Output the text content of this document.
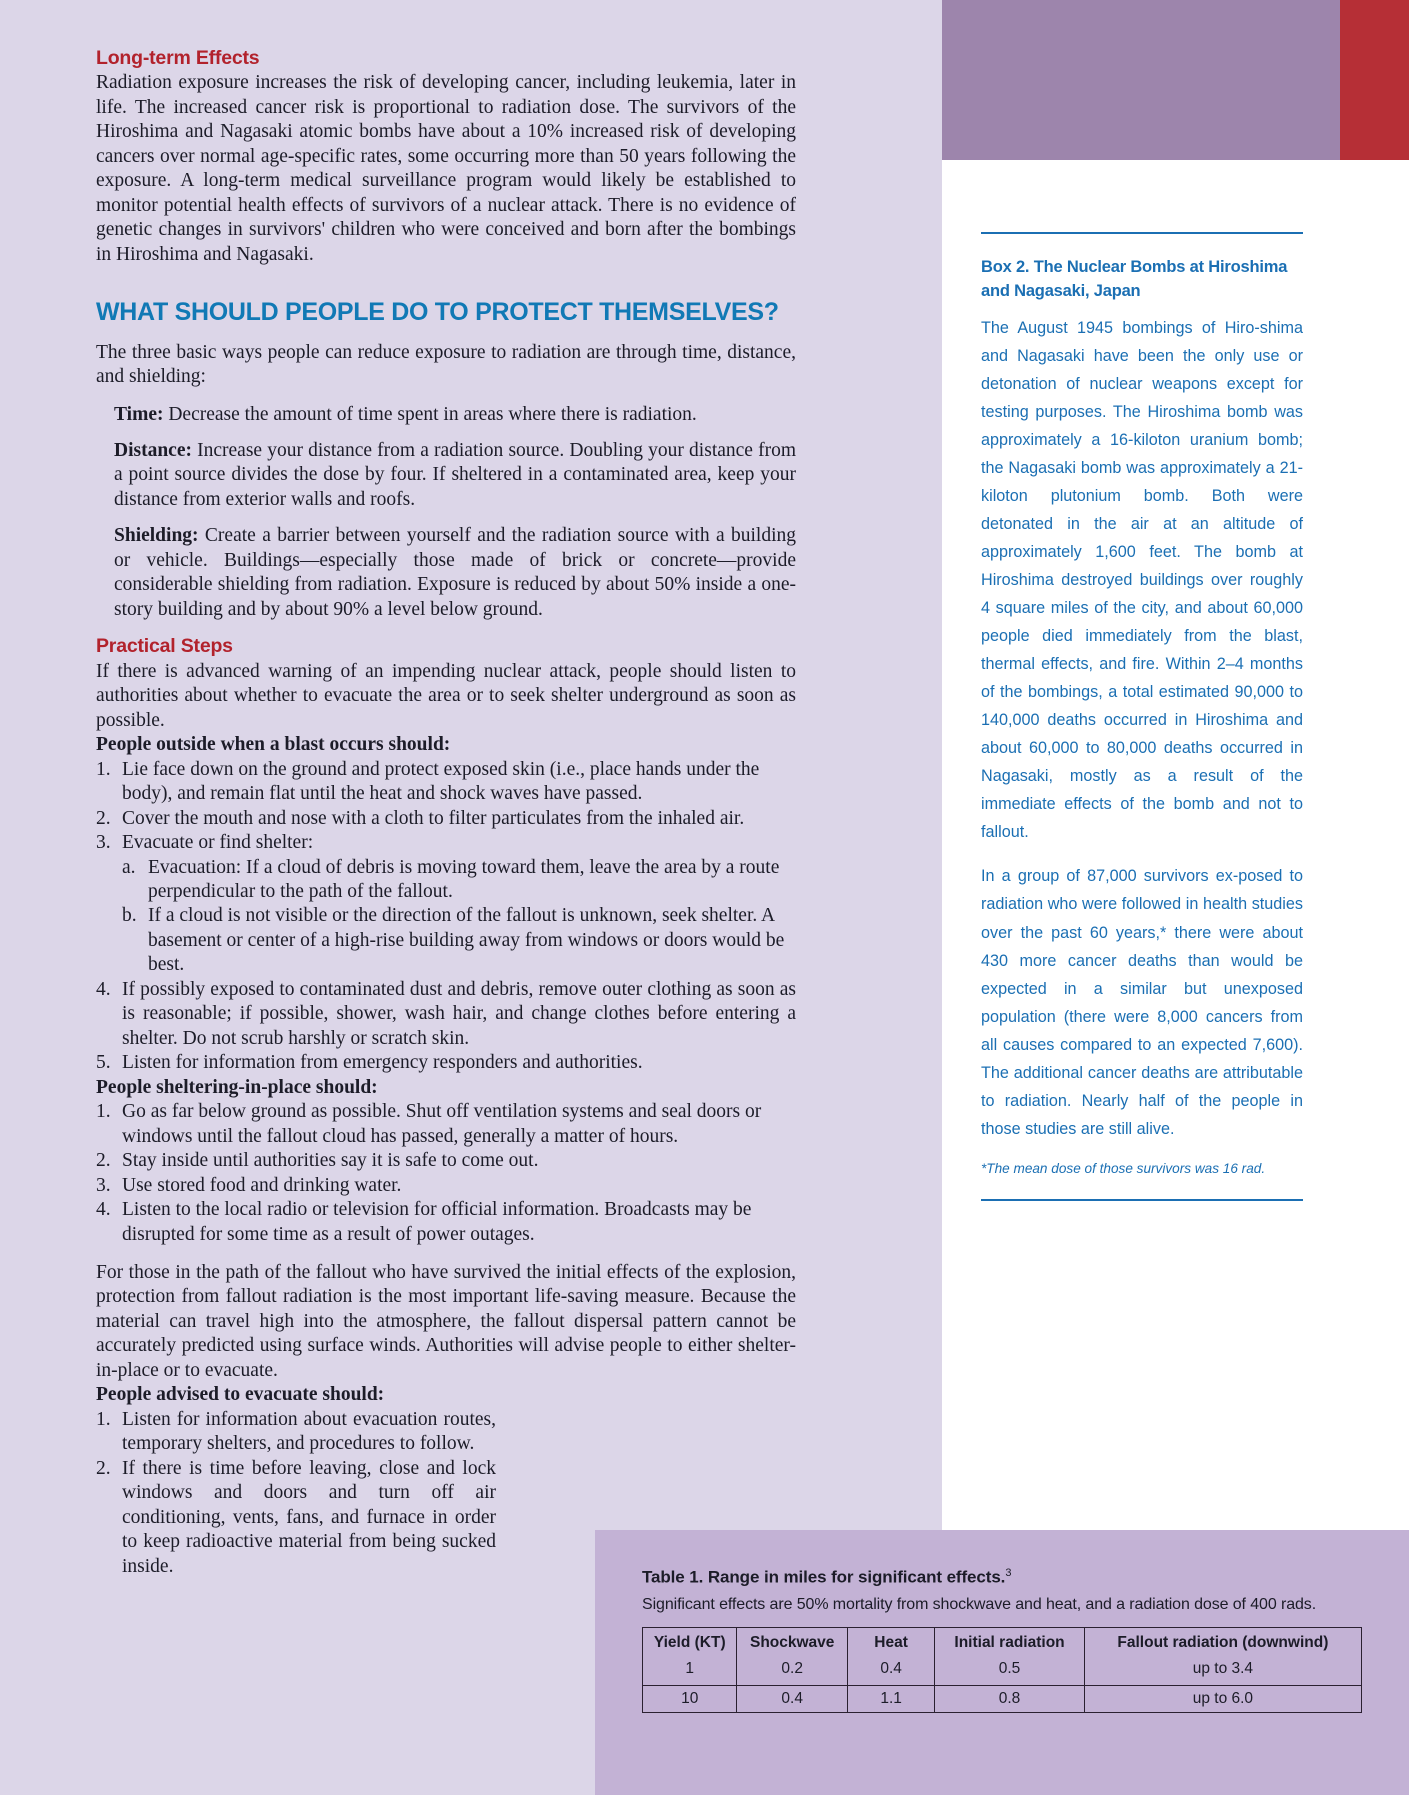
Long-term Effects

Radiation exposure increases the risk of developing cancer, including leukemia, later in life. The increased cancer risk is proportional to radiation dose. The survivors of the Hiroshima and Nagasaki atomic bombs have about a 10% increased risk of developing cancers over normal age-specific rates, some occurring more than 50 years following the exposure. A long-term medical surveillance program would likely be established to monitor potential health effects of survivors of a nuclear attack. There is no evidence of genetic changes in survivors' children who were conceived and born after the bombings in Hiroshima and Nagasaki.

WHAT SHOULD PEOPLE DO TO PROTECT THEMSELVES?

The three basic ways people can reduce exposure to radiation are through time, distance, and shielding:

Time: Decrease the amount of time spent in areas where there is radiation.

Distance: Increase your distance from a radiation source. Doubling your distance from a point source divides the dose by four. If sheltered in a contaminated area, keep your distance from exterior walls and roofs.

Shielding: Create a barrier between yourself and the radiation source with a building or vehicle. Buildings—especially those made of brick or concrete—provide considerable shielding from radiation. Exposure is reduced by about 50% inside a one-story building and by about 90% a level below ground.

Practical Steps

If there is advanced warning of an impending nuclear attack, people should listen to authorities about whether to evacuate the area or to seek shelter underground as soon as possible.

People outside when a blast occurs should:

1. Lie face down on the ground and protect exposed skin (i.e., place hands under the body), and remain flat until the heat and shock waves have passed.
2. Cover the mouth and nose with a cloth to filter particulates from the inhaled air.
3. Evacuate or find shelter:
a. Evacuation: If a cloud of debris is moving toward them, leave the area by a route perpendicular to the path of the fallout.
b. If a cloud is not visible or the direction of the fallout is unknown, seek shelter. A basement or center of a high-rise building away from windows or doors would be best.
4. If possibly exposed to contaminated dust and debris, remove outer clothing as soon as is reasonable; if possible, shower, wash hair, and change clothes before entering a shelter. Do not scrub harshly or scratch skin.
5. Listen for information from emergency responders and authorities.

People sheltering-in-place should:

1. Go as far below ground as possible. Shut off ventilation systems and seal doors or windows until the fallout cloud has passed, generally a matter of hours.
2. Stay inside until authorities say it is safe to come out.
3. Use stored food and drinking water.
4. Listen to the local radio or television for official information. Broadcasts may be disrupted for some time as a result of power outages.

For those in the path of the fallout who have survived the initial effects of the explosion, protection from fallout radiation is the most important life-saving measure. Because the material can travel high into the atmosphere, the fallout dispersal pattern cannot be accurately predicted using surface winds. Authorities will advise people to either shelter-in-place or to evacuate.

People advised to evacuate should:

1. Listen for information about evacuation routes, temporary shelters, and procedures to follow.
2. If there is time before leaving, close and lock windows and doors and turn off air conditioning, vents, fans, and furnace in order to keep radioactive material from being sucked inside.
Box 2. The Nuclear Bombs at Hiroshima and Nagasaki, Japan

The August 1945 bombings of Hiro-shima and Nagasaki have been the only use or detonation of nuclear weapons except for testing purposes. The Hiroshima bomb was approximately a 16-kiloton uranium bomb; the Nagasaki bomb was approximately a 21-kiloton plutonium bomb. Both were detonated in the air at an altitude of approximately 1,600 feet. The bomb at Hiroshima destroyed buildings over roughly 4 square miles of the city, and about 60,000 people died immediately from the blast, thermal effects, and fire. Within 2–4 months of the bombings, a total estimated 90,000 to 140,000 deaths occurred in Hiroshima and about 60,000 to 80,000 deaths occurred in Nagasaki, mostly as a result of the immediate effects of the bomb and not to fallout.

In a group of 87,000 survivors ex-posed to radiation who were followed in health studies over the past 60 years,* there were about 430 more cancer deaths than would be expected in a similar but unexposed population (there were 8,000 cancers from all causes compared to an expected 7,600). The additional cancer deaths are attributable to radiation. Nearly half of the people in those studies are still alive.

*The mean dose of those survivors was 16 rad.

Table 1. Range in miles for significant effects.$^3$
Significant effects are 50% mortality from shockwave and heat, and a radiation dose of 400 rads.
Yield (KT)	Shockwave	Heat	Initial radiation	Fallout radiation (downwind)
1	0.2	0.4	0.5	up to 3.4
10	0.4	1.1	0.8	up to 6.0
